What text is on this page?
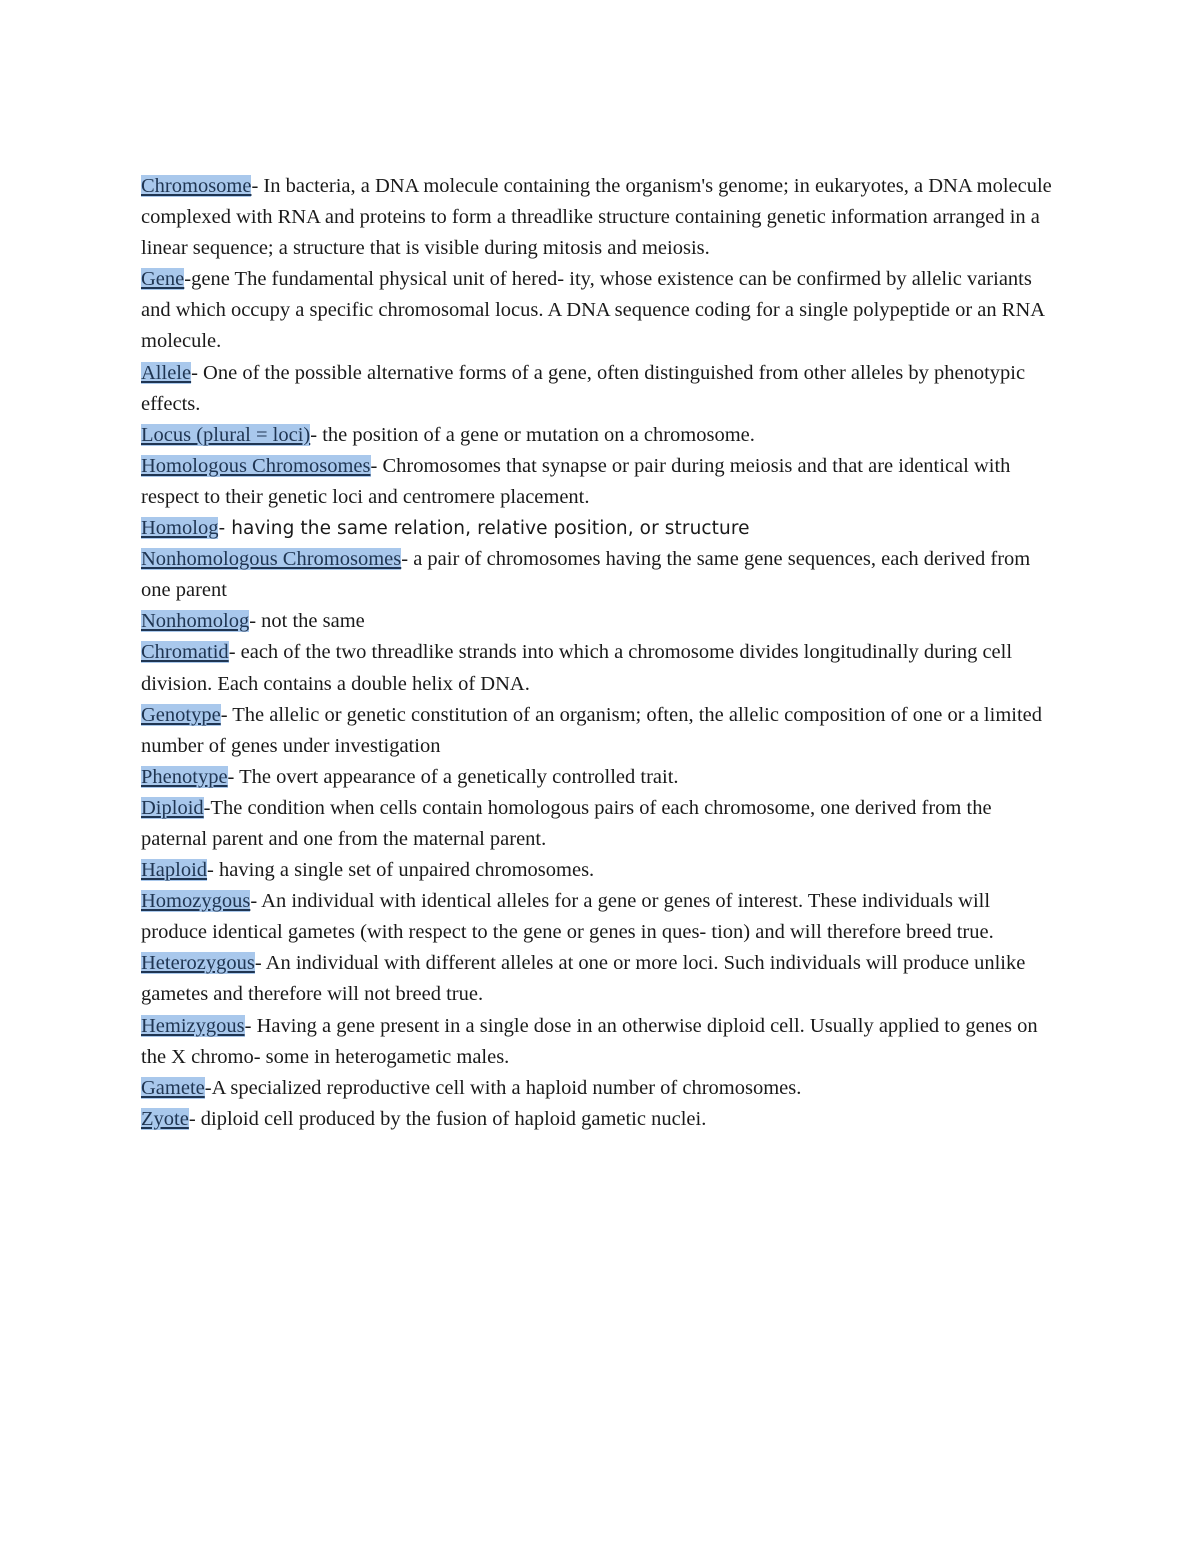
Chromosome- In bacteria, a DNA molecule containing the organism's genome; in eukaryotes, a DNA molecule complexed with RNA and proteins to form a threadlike structure containing genetic information arranged in a linear sequence; a structure that is visible during mitosis and meiosis.

Gene-gene The fundamental physical unit of hered- ity, whose existence can be confirmed by allelic variants and which occupy a specific chromosomal locus. A DNA sequence coding for a single polypeptide or an RNA molecule.

Allele- One of the possible alternative forms of a gene, often distinguished from other alleles by phenotypic effects.

Locus (plural = loci)- the position of a gene or mutation on a chromosome.

Homologous Chromosomes- Chromosomes that synapse or pair during meiosis and that are identical with respect to their genetic loci and centromere placement.

Homolog- having the same relation, relative position, or structure

Nonhomologous Chromosomes- a pair of chromosomes having the same gene sequences, each derived from one parent

Nonhomolog- not the same

Chromatid- each of the two threadlike strands into which a chromosome divides longitudinally during cell division. Each contains a double helix of DNA.

Genotype- The allelic or genetic constitution of an organism; often, the allelic composition of one or a limited number of genes under investigation

Phenotype- The overt appearance of a genetically controlled trait.

Diploid-The condition when cells contain homologous pairs of each chromosome, one derived from the paternal parent and one from the maternal parent.

Haploid- having a single set of unpaired chromosomes.

Homozygous- An individual with identical alleles for a gene or genes of interest. These individuals will produce identical gametes (with respect to the gene or genes in ques- tion) and will therefore breed true.

Heterozygous- An individual with different alleles at one or more loci. Such individuals will produce unlike gametes and therefore will not breed true.

Hemizygous- Having a gene present in a single dose in an otherwise diploid cell. Usually applied to genes on the X chromo- some in heterogametic males.

Gamete-A specialized reproductive cell with a haploid number of chromosomes.

Zyote- diploid cell produced by the fusion of haploid gametic nuclei.
